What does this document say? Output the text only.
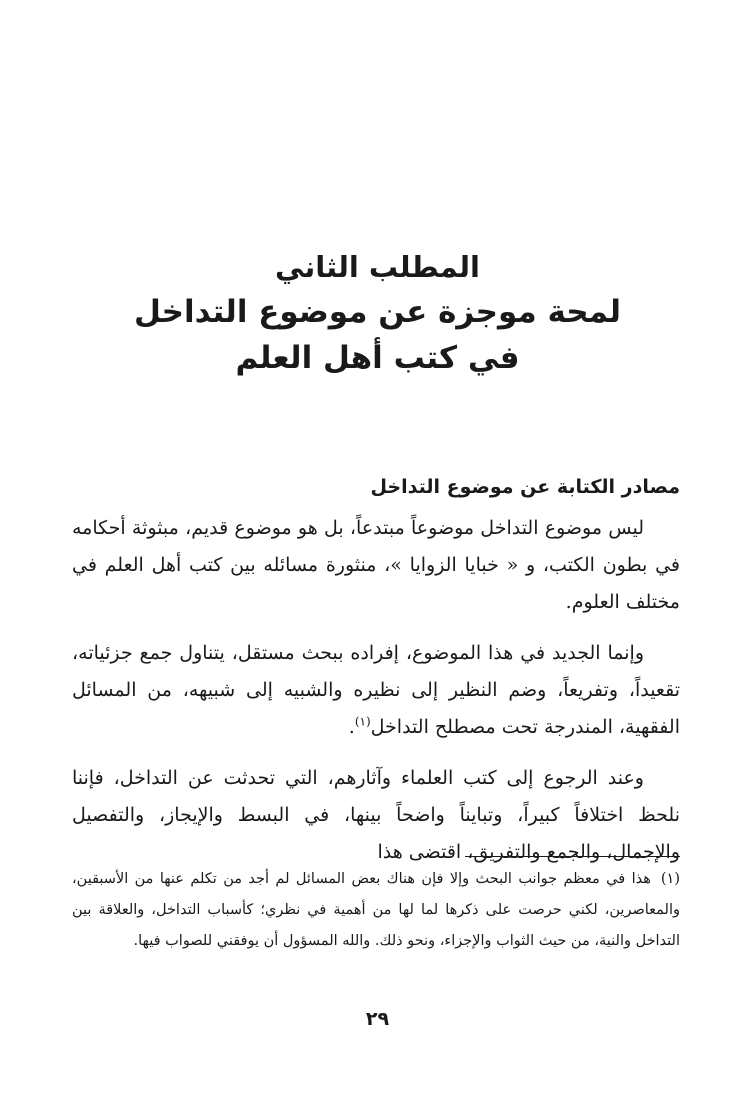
المطلب الثاني
لمحة موجزة عن موضوع التداخل
في كتب أهل العلم
مصادر الكتابة عن موضوع التداخل

ليس موضوع التداخل موضوعاً مبتدعاً، بل هو موضوع قديم، مبثوثة أحكامه في بطون الكتب، و « خبايا الزوايا »، منثورة مسائله بين كتب أهل العلم في مختلف العلوم.

وإنما الجديد في هذا الموضوع، إفراده ببحث مستقل، يتناول جمع جزئياته، تقعيداً، وتفريعاً، وضم النظير إلى نظيره والشبيه إلى شبيهه، من المسائل الفقهية، المندرجة تحت مصطلح التداخل$^{(١)}$.

وعند الرجوع إلى كتب العلماء وآثارهم، التي تحدثت عن التداخل، فإننا نلحظ اختلافاً كبيراً، وتبايناً واضحاً بينها، في البسط والإيجاز، والتفصيل والإجمال، والجمع والتفريق، اقتضى هذا

(١)هذا في معظم جوانب البحث وإلا فإن هناك بعض المسائل لم أجد من تكلم عنها من الأسبقين، والمعاصرين، لكني حرصت على ذكرها لما لها من أهمية في نظري؛ كأسباب التداخل، والعلاقة بين التداخل والنية، من حيث الثواب والإجزاء، ونحو ذلك. والله المسؤول أن يوفقني للصواب فيها.
٢٩
